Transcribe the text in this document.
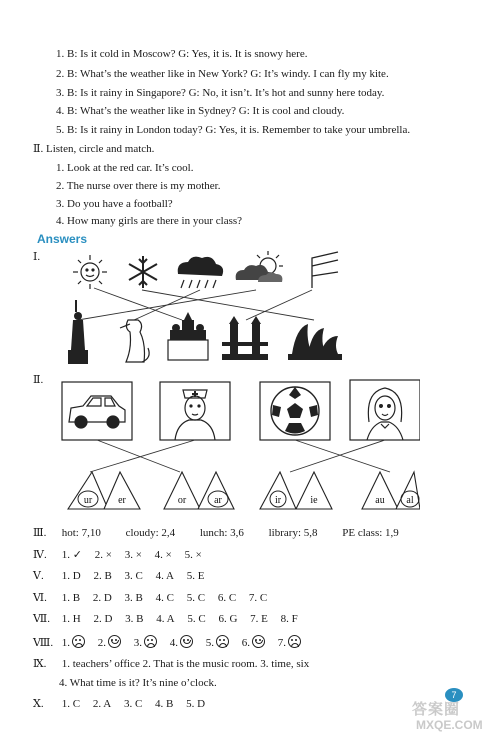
1. B: Is it cold in Moscow? G: Yes, it is. It is snowy here.
2. B: What’s the weather like in New York? G: It’s windy. I can fly my kite.
3. B: Is it rainy in Singapore? G: No, it isn’t. It’s hot and sunny here today.
4. B: What’s the weather like in Sydney? G: It is cool and cloudy.
5. B: Is it rainy in London today? G: Yes, it is. Remember to take your umbrella.
Ⅱ. Listen, circle and match.
1. Look at the red car. It’s cool.
2. The nurse over there is my mother.
3. Do you have a football?
4. How many girls are there in your class?
Answers
Ⅰ.
Ⅱ.
ur	er	or	ar	ir	ie	au al
Ⅲ. hot: 7,10 cloudy: 2,4 lunch: 3,6 library: 5,8 PE class: 1,9
Ⅳ. 1. ✓ 2. × 3. × 4. × 5. ×
Ⅴ. 1. D 2. B 3. C 4. A 5. E
Ⅵ. 1. B 2. D 3. B 4. C 5. C 6. C 7. C
Ⅶ. 1. H 2. D 3. B 4. A 5. C 6. G 7. E 8. F
Ⅷ. 1.	2.	3.	4.	5.	6.	7.
Ⅸ. 1. teachers’ office 2. That is the music room. 3. time, six
4. What time is it? It’s nine o’clock.
Ⅹ. 1. C 2. A 3. C 4. B 5. D
7
答案圈
MXQE.COM
